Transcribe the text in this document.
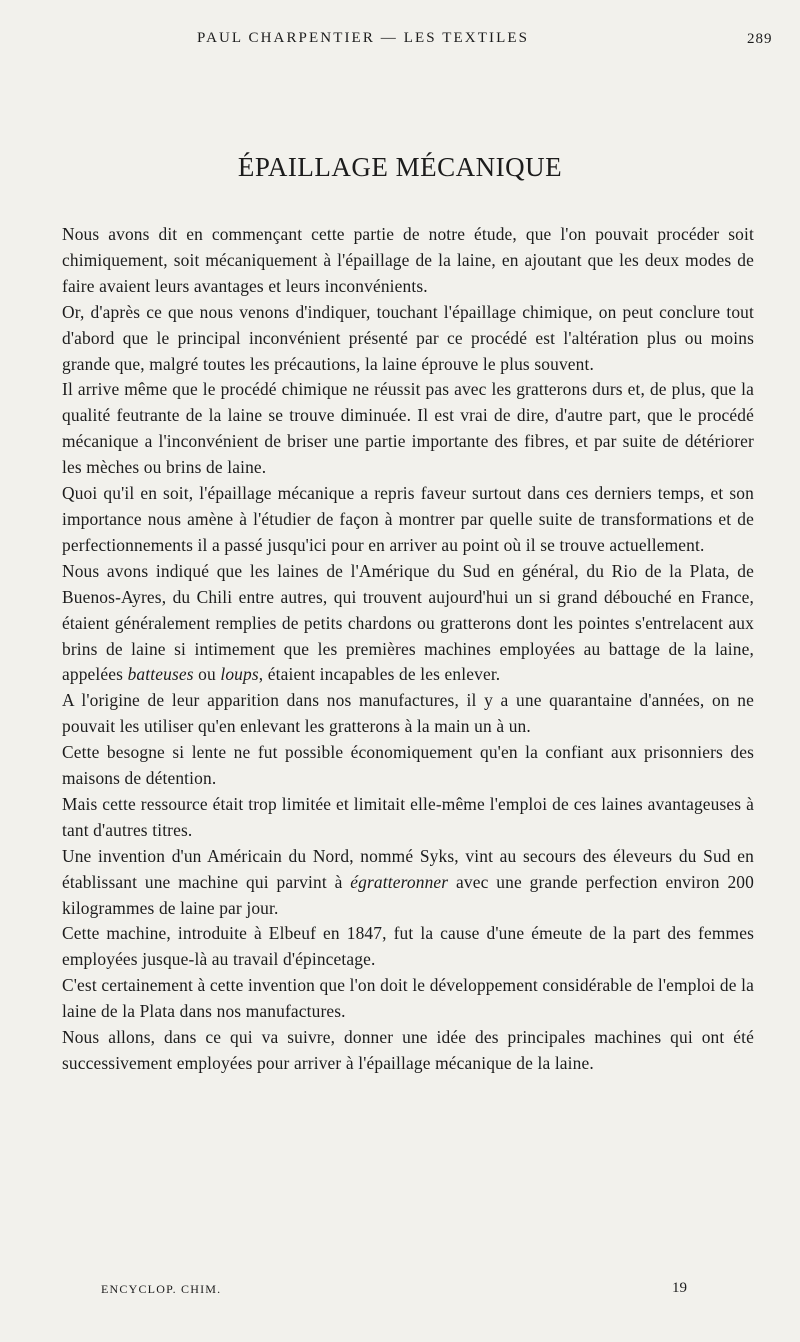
PAUL CHARPENTIER — LES TEXTILES	289
ÉPAILLAGE MÉCANIQUE

Nous avons dit en commençant cette partie de notre étude, que l'on pouvait procéder soit chimiquement, soit mécaniquement à l'épaillage de la laine, en ajoutant que les deux modes de faire avaient leurs avantages et leurs inconvénients.

Or, d'après ce que nous venons d'indiquer, touchant l'épaillage chimique, on peut conclure tout d'abord que le principal inconvénient présenté par ce procédé est l'altération plus ou moins grande que, malgré toutes les précautions, la laine éprouve le plus souvent.

Il arrive même que le procédé chimique ne réussit pas avec les gratterons durs et, de plus, que la qualité feutrante de la laine se trouve diminuée. Il est vrai de dire, d'autre part, que le procédé mécanique a l'inconvénient de briser une partie importante des fibres, et par suite de détériorer les mèches ou brins de laine.

Quoi qu'il en soit, l'épaillage mécanique a repris faveur surtout dans ces derniers temps, et son importance nous amène à l'étudier de façon à montrer par quelle suite de transformations et de perfectionnements il a passé jusqu'ici pour en arriver au point où il se trouve actuellement.

Nous avons indiqué que les laines de l'Amérique du Sud en général, du Rio de la Plata, de Buenos-Ayres, du Chili entre autres, qui trouvent aujourd'hui un si grand débouché en France, étaient généralement remplies de petits chardons ou gratterons dont les pointes s'entrelacent aux brins de laine si intimement que les premières machines employées au battage de la laine, appelées batteuses ou loups, étaient incapables de les enlever.

A l'origine de leur apparition dans nos manufactures, il y a une quarantaine d'années, on ne pouvait les utiliser qu'en enlevant les gratterons à la main un à un.

Cette besogne si lente ne fut possible économiquement qu'en la confiant aux prisonniers des maisons de détention.

Mais cette ressource était trop limitée et limitait elle-même l'emploi de ces laines avantageuses à tant d'autres titres.

Une invention d'un Américain du Nord, nommé Syks, vint au secours des éleveurs du Sud en établissant une machine qui parvint à égratteronner avec une grande perfection environ 200 kilogrammes de laine par jour.

Cette machine, introduite à Elbeuf en 1847, fut la cause d'une émeute de la part des femmes employées jusque-là au travail d'épincetage.

C'est certainement à cette invention que l'on doit le développement considérable de l'emploi de la laine de la Plata dans nos manufactures.

Nous allons, dans ce qui va suivre, donner une idée des principales machines qui ont été successivement employées pour arriver à l'épaillage mécanique de la laine.

ENCYCLOP. CHIM.	19
